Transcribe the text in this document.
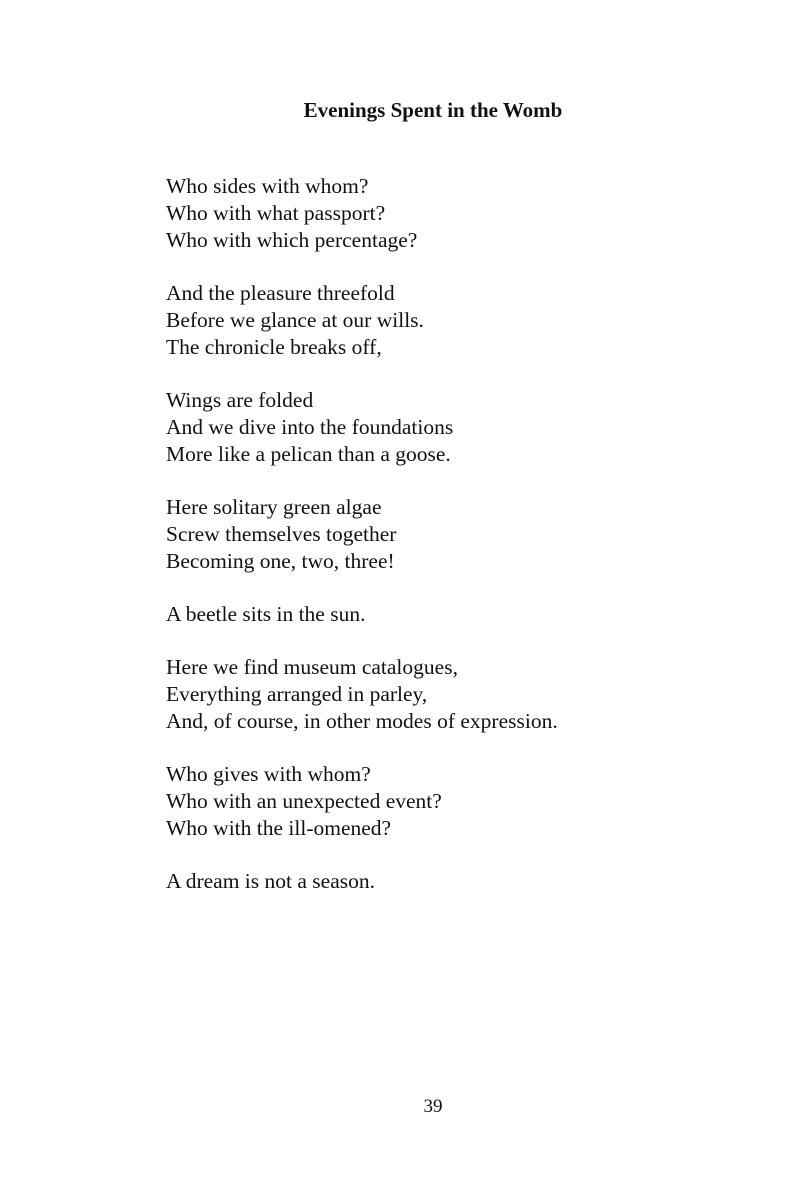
Evenings Spent in the Womb
Who sides with whom?
Who with what passport?
Who with which percentage?
And the pleasure threefold
Before we glance at our wills.
The chronicle breaks off,
Wings are folded
And we dive into the foundations
More like a pelican than a goose.
Here solitary green algae
Screw themselves together
Becoming one, two, three!
A beetle sits in the sun.
Here we find museum catalogues,
Everything arranged in parley,
And, of course, in other modes of expression.
Who gives with whom?
Who with an unexpected event?
Who with the ill-omened?
A dream is not a season.
39
